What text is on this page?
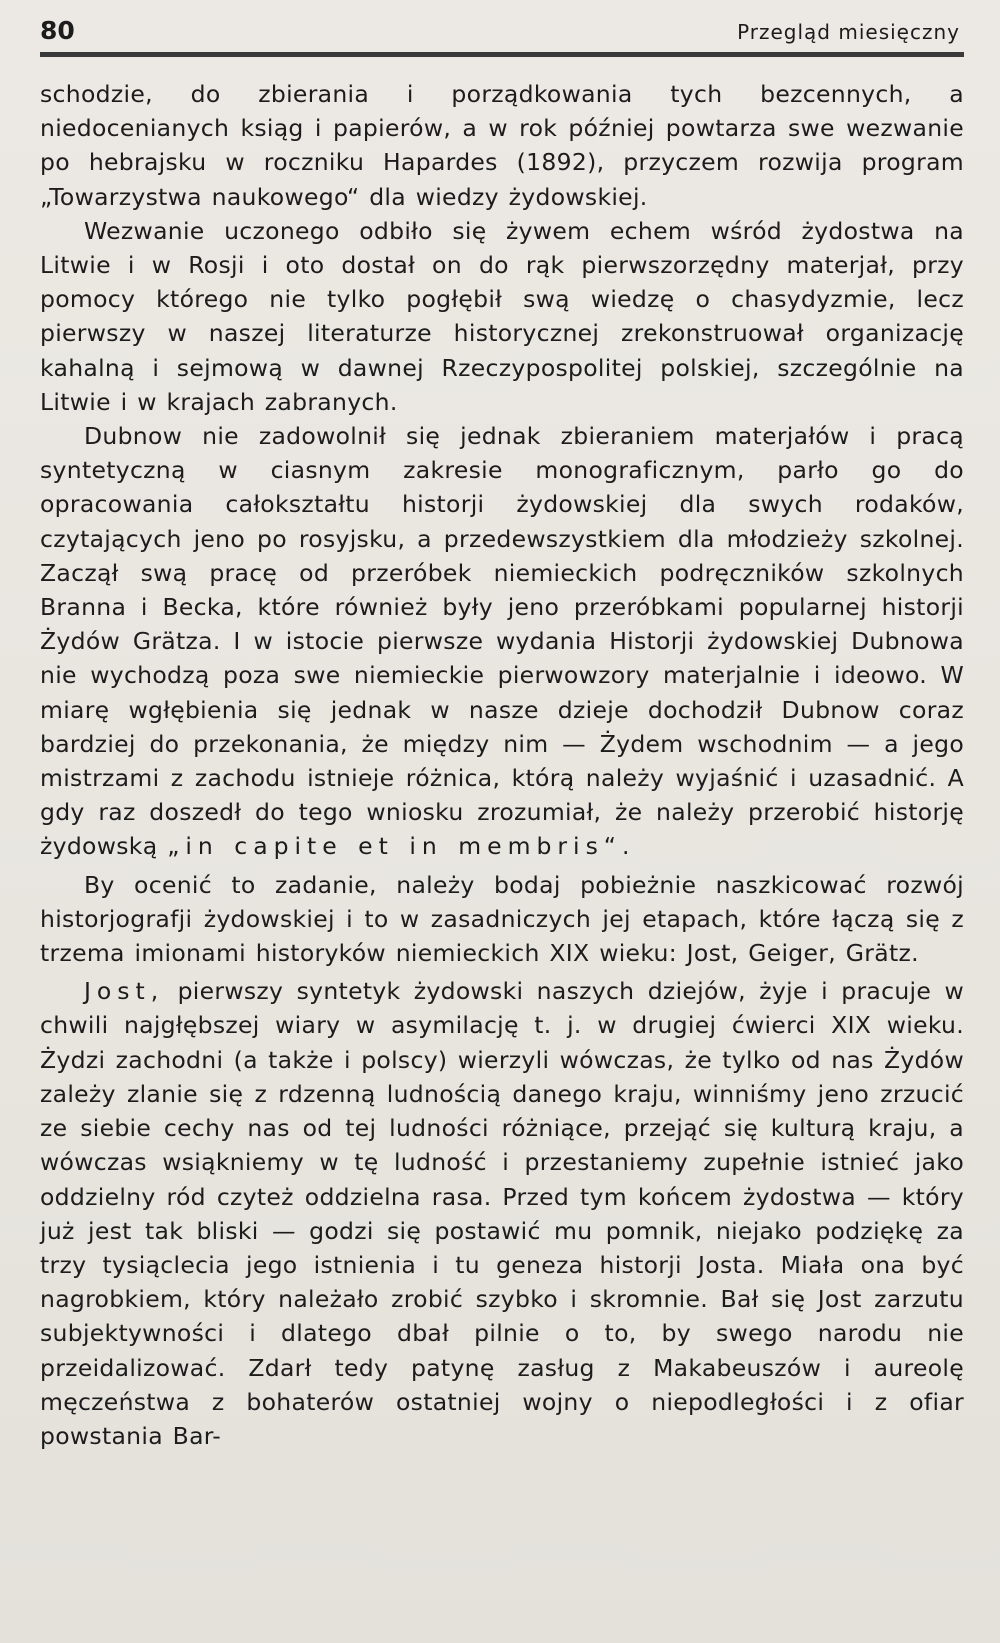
80	Przegląd miesięczny

schodzie, do zbierania i porządkowania tych bezcennych, a niedocenianych ksiąg i papierów, a w rok później powtarza swe wezwanie po hebrajsku w roczniku Hapardes (1892), przyczem rozwija program „Towarzystwa naukowego“ dla wiedzy żydowskiej.

Wezwanie uczonego odbiło się żywem echem wśród żydostwa na Litwie i w Rosji i oto dostał on do rąk pierwszorzędny materjał, przy pomocy którego nie tylko pogłębił swą wiedzę o chasydyzmie, lecz pierwszy w naszej literaturze historycznej zrekonstruował organizację kahalną i sejmową w dawnej Rzeczypospolitej polskiej, szczególnie na Litwie i w krajach zabranych.

Dubnow nie zadowolnił się jednak zbieraniem materjałów i pracą syntetyczną w ciasnym zakresie monograficznym, parło go do opracowania całokształtu historji żydowskiej dla swych rodaków, czytających jeno po rosyjsku, a przedewszystkiem dla młodzieży szkolnej. Zaczął swą pracę od przeróbek niemieckich podręczników szkolnych Branna i Becka, które również były jeno przeróbkami popularnej historji Żydów Grätza. I w istocie pierwsze wydania Historji żydowskiej Dubnowa nie wychodzą poza swe niemieckie pierwowzory materjalnie i ideowo. W miarę wgłębienia się jednak w nasze dzieje dochodził Dubnow coraz bardziej do przekonania, że między nim — Żydem wschodnim — a jego mistrzami z zachodu istnieje różnica, którą należy wyjaśnić i uzasadnić. A gdy raz doszedł do tego wniosku zrozumiał, że należy przerobić historję żydowską „in capite et in membris“.

By ocenić to zadanie, należy bodaj pobieżnie naszkicować rozwój historjografji żydowskiej i to w zasadniczych jej etapach, które łączą się z trzema imionami historyków niemieckich XIX wieku: Jost, Geiger, Grätz.

Jost, pierwszy syntetyk żydowski naszych dziejów, żyje i pracuje w chwili najgłębszej wiary w asymilację t. j. w drugiej ćwierci XIX wieku. Żydzi zachodni (a także i polscy) wierzyli wówczas, że tylko od nas Żydów zależy zlanie się z rdzenną ludnością danego kraju, winniśmy jeno zrzucić ze siebie cechy nas od tej ludności różniące, przejąć się kulturą kraju, a wówczas wsiąkniemy w tę ludność i przestaniemy zupełnie istnieć jako oddzielny ród czyteż oddzielna rasa. Przed tym końcem żydostwa — który już jest tak bliski — godzi się postawić mu pomnik, niejako podziękę za trzy tysiąclecia jego istnienia i tu geneza historji Josta. Miała ona być nagrobkiem, który należało zrobić szybko i skromnie. Bał się Jost zarzutu subjektywności i dlatego dbał pilnie o to, by swego narodu nie przeidalizować. Zdarł tedy patynę zasług z Makabeuszów i aureolę męczeństwa z bohaterów ostatniej wojny o niepodległości i z ofiar powstania Bar-
